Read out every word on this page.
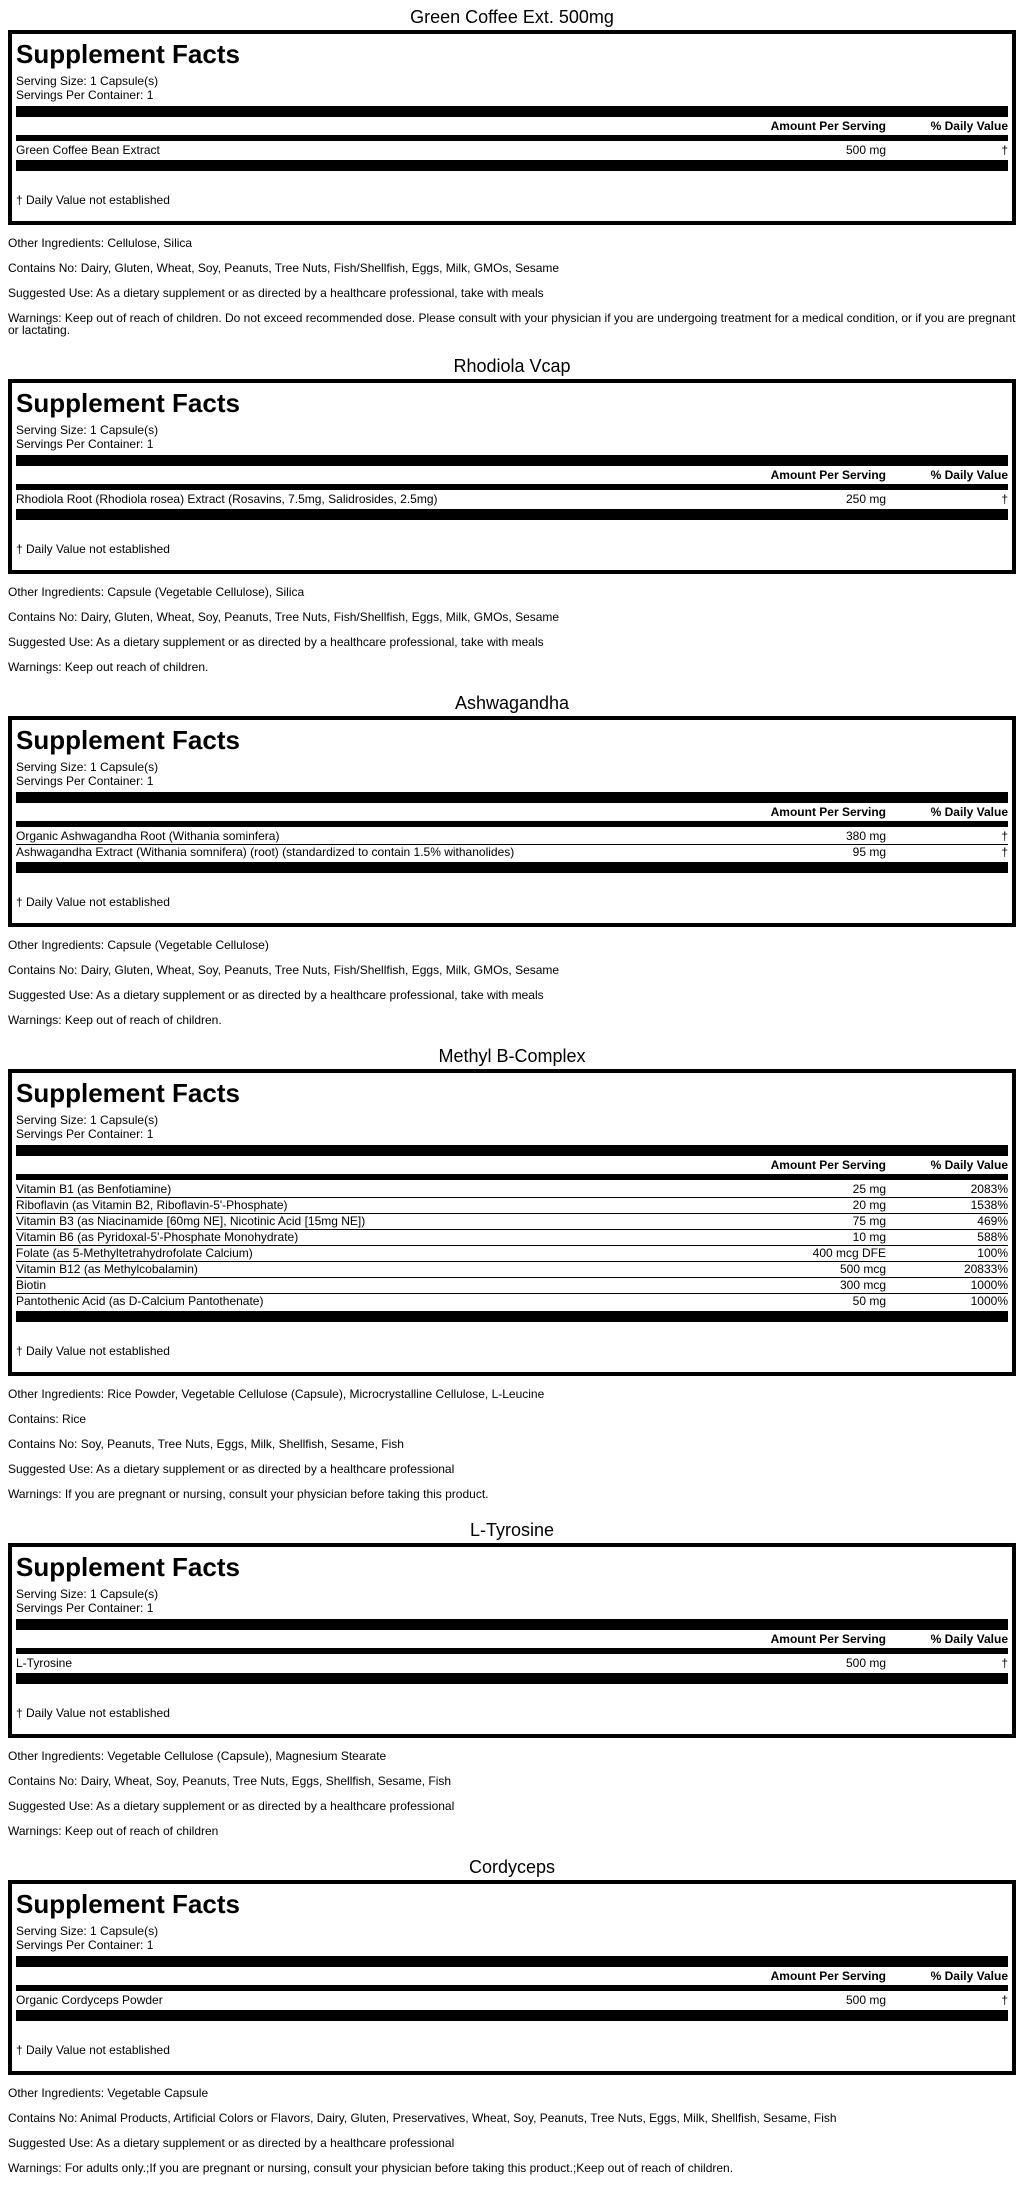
Green Coffee Ext. 500mg
Supplement Facts
Serving Size: 1 Capsule(s)
Servings Per Container: 1
	Amount Per Serving	% Daily Value
Green Coffee Bean Extract	500 mg	†
† Daily Value not established
Other Ingredients: Cellulose, Silica
Contains No: Dairy, Gluten, Wheat, Soy, Peanuts, Tree Nuts, Fish/Shellfish, Eggs, Milk, GMOs, Sesame
Suggested Use: As a dietary supplement or as directed by a healthcare professional, take with meals
Warnings: Keep out of reach of children. Do not exceed recommended dose. Please consult with your physician if you are undergoing treatment for a medical condition, or if you are pregnant or lactating.
Rhodiola Vcap
Supplement Facts
Serving Size: 1 Capsule(s)
Servings Per Container: 1
	Amount Per Serving	% Daily Value
Rhodiola Root (Rhodiola rosea) Extract (Rosavins, 7.5mg, Salidrosides, 2.5mg)	250 mg	†
† Daily Value not established
Other Ingredients: Capsule (Vegetable Cellulose), Silica
Contains No: Dairy, Gluten, Wheat, Soy, Peanuts, Tree Nuts, Fish/Shellfish, Eggs, Milk, GMOs, Sesame
Suggested Use: As a dietary supplement or as directed by a healthcare professional, take with meals
Warnings: Keep out reach of children.
Ashwagandha
Supplement Facts
Serving Size: 1 Capsule(s)
Servings Per Container: 1
	Amount Per Serving	% Daily Value
Organic Ashwagandha Root (Withania sominfera)	380 mg	†
Ashwagandha Extract (Withania somnifera) (root) (standardized to contain 1.5% withanolides)	95 mg	†
† Daily Value not established
Other Ingredients: Capsule (Vegetable Cellulose)
Contains No: Dairy, Gluten, Wheat, Soy, Peanuts, Tree Nuts, Fish/Shellfish, Eggs, Milk, GMOs, Sesame
Suggested Use: As a dietary supplement or as directed by a healthcare professional, take with meals
Warnings: Keep out of reach of children.
Methyl B-Complex
Supplement Facts
Serving Size: 1 Capsule(s)
Servings Per Container: 1
	Amount Per Serving	% Daily Value
Vitamin B1 (as Benfotiamine)	25 mg	2083%
Riboflavin (as Vitamin B2, Riboflavin-5'-Phosphate)	20 mg	1538%
Vitamin B3 (as Niacinamide [60mg NE], Nicotinic Acid [15mg NE])	75 mg	469%
Vitamin B6 (as Pyridoxal-5'-Phosphate Monohydrate)	10 mg	588%
Folate (as 5-Methyltetrahydrofolate Calcium)	400 mcg DFE	100%
Vitamin B12 (as Methylcobalamin)	500 mcg	20833%
Biotin	300 mcg	1000%
Pantothenic Acid (as D-Calcium Pantothenate)	50 mg	1000%
† Daily Value not established
Other Ingredients: Rice Powder, Vegetable Cellulose (Capsule), Microcrystalline Cellulose, L-Leucine
Contains: Rice
Contains No: Soy, Peanuts, Tree Nuts, Eggs, Milk, Shellfish, Sesame, Fish
Suggested Use: As a dietary supplement or as directed by a healthcare professional
Warnings: If you are pregnant or nursing, consult your physician before taking this product.
L-Tyrosine
Supplement Facts
Serving Size: 1 Capsule(s)
Servings Per Container: 1
	Amount Per Serving	% Daily Value
L-Tyrosine	500 mg	†
† Daily Value not established
Other Ingredients: Vegetable Cellulose (Capsule), Magnesium Stearate
Contains No: Dairy, Wheat, Soy, Peanuts, Tree Nuts, Eggs, Shellfish, Sesame, Fish
Suggested Use: As a dietary supplement or as directed by a healthcare professional
Warnings: Keep out of reach of children
Cordyceps
Supplement Facts
Serving Size: 1 Capsule(s)
Servings Per Container: 1
	Amount Per Serving	% Daily Value
Organic Cordyceps Powder	500 mg	†
† Daily Value not established
Other Ingredients: Vegetable Capsule
Contains No: Animal Products, Artificial Colors or Flavors, Dairy, Gluten, Preservatives, Wheat, Soy, Peanuts, Tree Nuts, Eggs, Milk, Shellfish, Sesame, Fish
Suggested Use: As a dietary supplement or as directed by a healthcare professional
Warnings: For adults only.;If you are pregnant or nursing, consult your physician before taking this product.;Keep out of reach of children.
